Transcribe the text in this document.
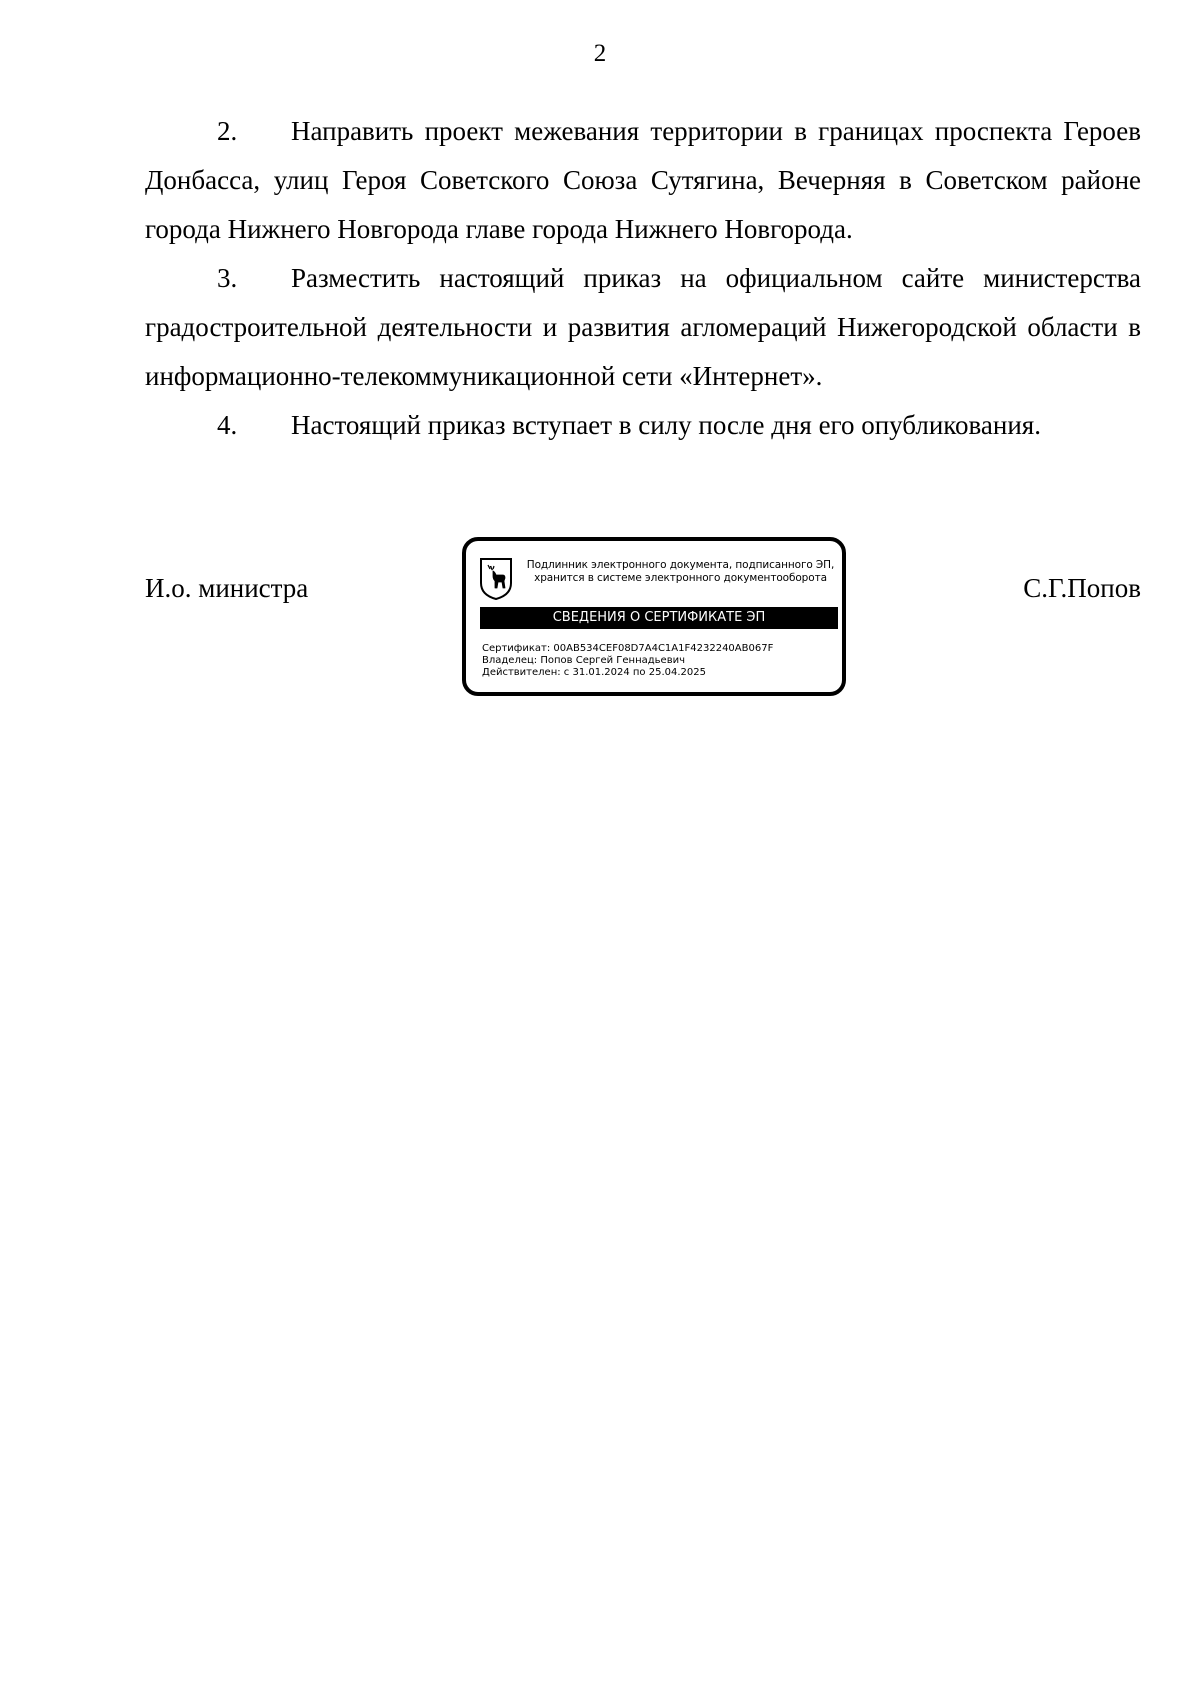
2

2. Направить проект межевания территории в границах проспекта Героев Донбасса, улиц Героя Советского Союза Сутягина, Вечерняя в Советском районе города Нижнего Новгорода главе города Нижнего Новгорода.

3. Разместить настоящий приказ на официальном сайте министерства градостроительной деятельности и развития агломераций Нижегородской области в информационно-телекоммуникационной сети «Интернет».

4. Настоящий приказ вступает в силу после дня его опубликования.

И.о. министра
Подлинник электронного документа, подписанного ЭП,
хранится в системе электронного документооборота
СВЕДЕНИЯ О СЕРТИФИКАТЕ ЭП
Сертификат: 00AB534CEF08D7A4C1A1F4232240AB067F
Владелец: Попов Сергей Геннадьевич
Действителен: с 31.01.2024 по 25.04.2025
С.Г.Попов
